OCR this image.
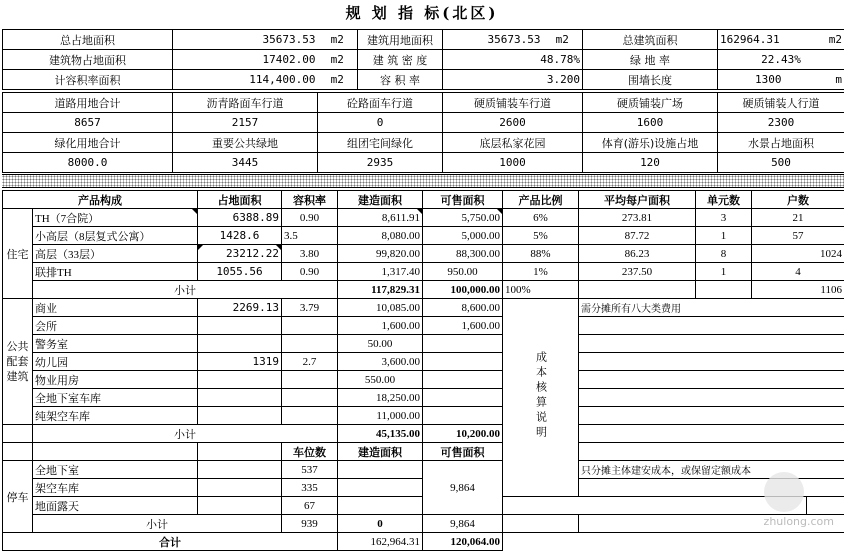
规 划 指 标(北区)
总占地面积	35673.53	m2	建筑用地面积	35673.53	m2	总建筑面积	162964.31 m2

建筑物占地面积	17402.00	m2	建 筑 密 度	48.78%		绿 地 率	22.43%
计容积率面积	114,400.00	m2	容 积 率	3.200		围墙长度	1300 m
道路用地合计	沥青路面车行道	砼路面车行道	硬质铺装车行道	硬质铺装广场	硬质铺装人行道
8657	2157	0	2600	1600	2300
绿化用地合计	重要公共绿地	组团宅间绿化	底层私家花园	体育(游乐)设施占地	水景占地面积
8000.0	3445	2935	1000	120	500
产品构成		占地面积	容积率	建造面积	可售面积	产品比例	平均每户面积	单元数	户数	
住宅	TH（7合院）	6388.89	0.90	8,611.91	5,750.00	6%	273.81	3	21	
	小高层（8层复式公寓）	1428.6	3.5	8,080.00	5,000.00	5%	87.72	1	57	
	高层（33层）	23212.22	3.80	99,820.00	88,300.00	88%	86.23	8	1024	
	联排TH	1055.56	0.90	1,317.40	950.00	1%	237.50	1	4	
	小计			117,829.31	100,000.00	100%			1106	
公共配套建筑	商业	2269.13	3.79	10,085.00	8,600.00	成本核算说明	需分摊所有八大类费用			
	会所			1,600.00	1,600.00					
	警务室			50.00						
	幼儿园	1319	2.7	3,600.00						
	物业用房			550.00						
	全地下室车库			18,250.00						
	纯架空车库			11,000.00						
	小计			45,135.00	10,200.00					
			车位数	建造面积	可售面积					
停车	全地下室		537		9,864		只分摊主体建安成本，或保留定额成本			
	架空车库		335							
	地面露天		67							
	小计		939	0	9,864					
合计				162,964.31	120,064.00					
zhulong.com
